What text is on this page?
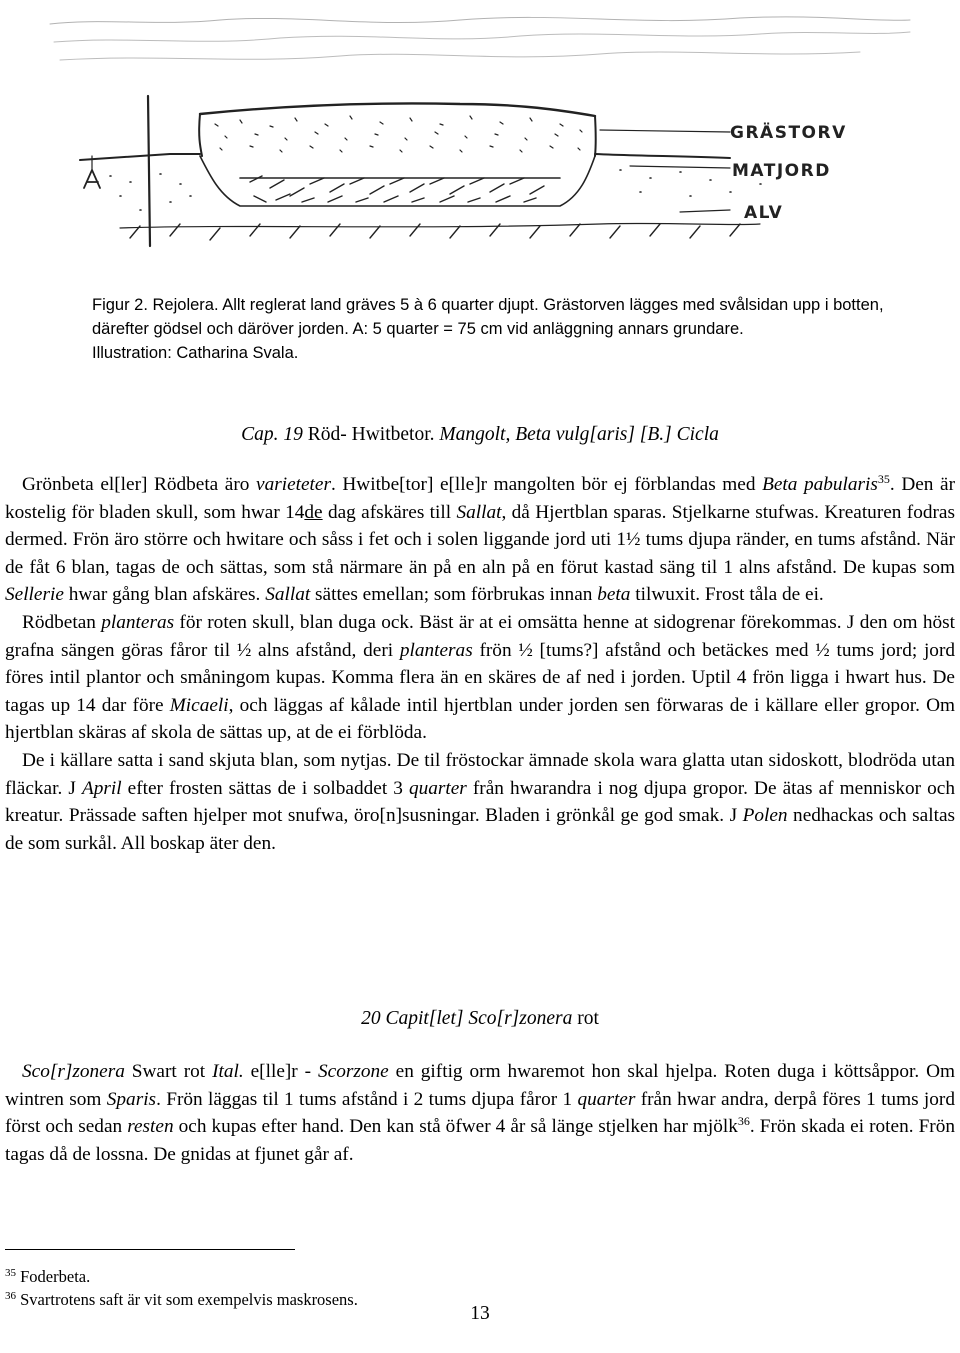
GRÄSTORV
MATJORD
ALV
Figur 2. Rejolera. Allt reglerat land gräves 5 à 6 quarter djupt. Grästorven lägges med svålsidan upp i botten,
därefter gödsel och däröver jorden. A: 5 quarter = 75 cm vid anläggning annars grundare.
Illustration: Catharina Svala.
Cap. 19 Röd- Hwitbetor. Mangolt, Beta vulg[aris] [B.] Cicla

Grönbeta el[ler] Rödbeta äro varieteter. Hwitbe[tor] e[lle]r mangolten bör ej förblandas med Beta pabularis$^{35}$. Den är kostelig för bladen skull, som hwar 14de dag afskäres till Sallat, då Hjertblan sparas. Stjelkarne stufwas. Kreaturen fodras dermed. Frön äro större och hwitare och såss i fet och i solen liggande jord uti 1½ tums djupa ränder, en tums afstånd. När de fåt 6 blan, tagas de och sättas, som stå närmare än på en aln på en förut kastad säng til 1 alns afstånd. De kupas som Sellerie hwar gång blan afskäres. Sallat sättes emellan; som förbrukas innan beta tilwuxit. Frost tåla de ei.

Rödbetan planteras för roten skull, blan duga ock. Bäst är at ei omsätta henne at sidogrenar förekommas. J den om höst grafna sängen göras fåror til ½ alns afstånd, deri planteras frön ½ [tums?] afstånd och betäckes med ½ tums jord; jord föres intil plantor och småningom kupas. Komma flera än en skäres de af ned i jorden. Uptil 4 frön ligga i hwart hus. De tagas up 14 dar före Micaeli, och läggas af kålade intil hjertblan under jorden sen förwaras de i källare eller gropor. Om hjertblan skäras af skola de sättas up, at de ei förblöda.

De i källare satta i sand skjuta blan, som nytjas. De til fröstockar ämnade skola wara glatta utan sidoskott, blodröda utan fläckar. J April efter frosten sättas de i solbaddet 3 quarter från hwarandra i nog djupa gropor. De ätas af menniskor och kreatur. Prässade saften hjelper mot snufwa, öro[n]susningar. Bladen i grönkål ge god smak. J Polen nedhackas och saltas de som surkål. All boskap äter den.

20 Capit[let] Sco[r]zonera rot

Sco[r]zonera Swart rot Ital. e[lle]r - Scorzone en giftig orm hwaremot hon skal hjelpa. Roten duga i köttsåppor. Om wintren som Sparis. Frön läggas til 1 tums afstånd i 2 tums djupa fåror 1 quarter från hwar andra, derpå föres 1 tums jord först och sedan resten och kupas efter hand. Den kan stå öfwer 4 år så länge stjelken har mjölk$^{36}$. Frön skada ei roten. Frön tagas då de lossna. De gnidas at fjunet går af.

$^{35}$ Foderbeta.
$^{36}$ Svartrotens saft är vit som exempelvis maskrosens.
13
